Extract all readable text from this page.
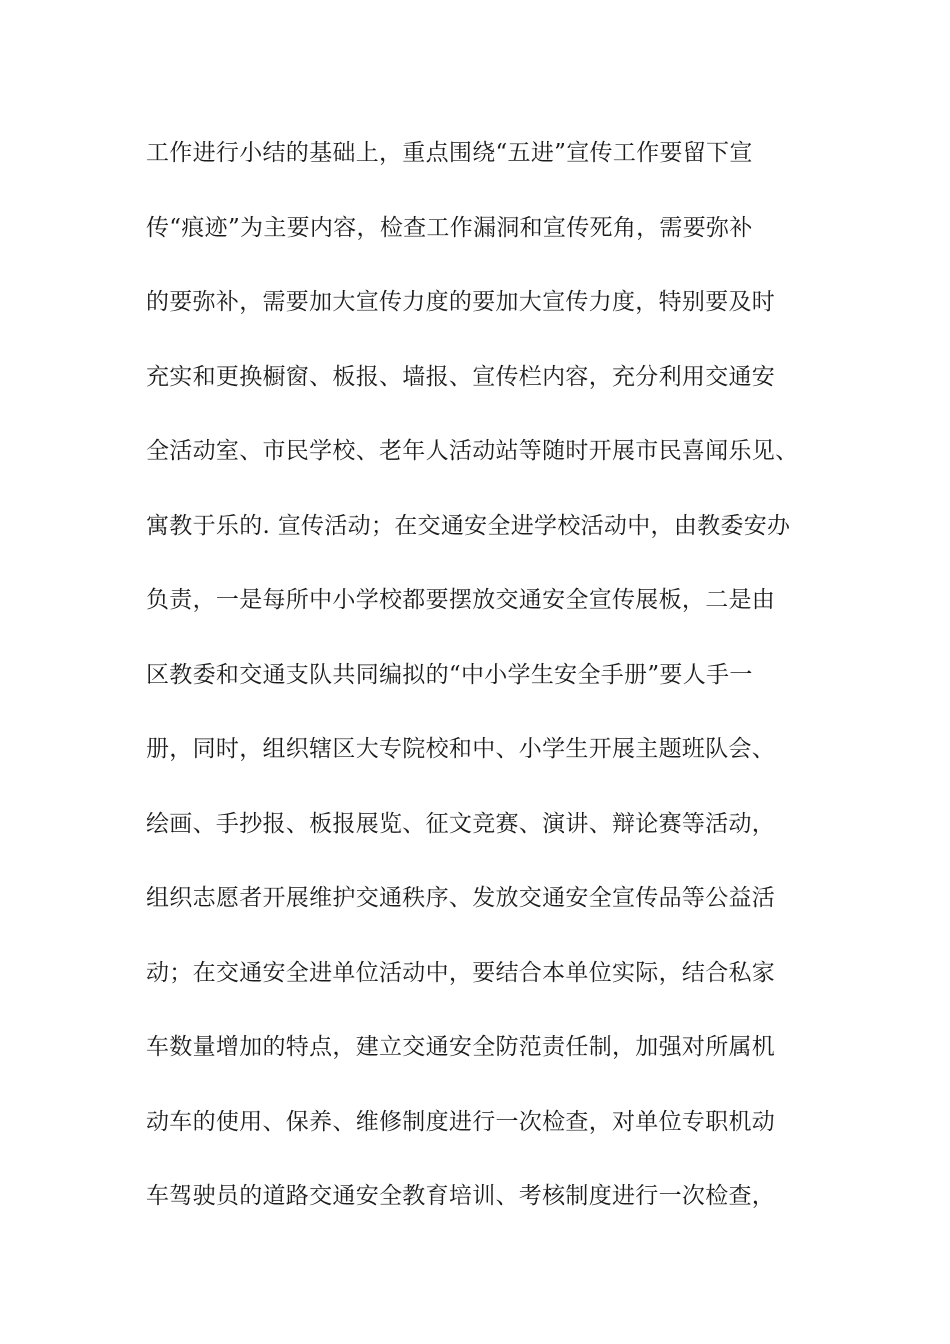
工作进行小结的基础上，重点围绕“五进”宣传工作要留下宣
传“痕迹”为主要内容，检查工作漏洞和宣传死角，需要弥补
的要弥补，需要加大宣传力度的要加大宣传力度，特别要及时
充实和更换橱窗、板报、墙报、宣传栏内容，充分利用交通安
全活动室、市民学校、老年人活动站等随时开展市民喜闻乐见、
寓教于乐的. 宣传活动；在交通安全进学校活动中，由教委安办
负责，一是每所中小学校都要摆放交通安全宣传展板，二是由
区教委和交通支队共同编拟的“中小学生安全手册”要人手一
册，同时，组织辖区大专院校和中、小学生开展主题班队会、
绘画、手抄报、板报展览、征文竞赛、演讲、辩论赛等活动，
组织志愿者开展维护交通秩序、发放交通安全宣传品等公益活
动；在交通安全进单位活动中，要结合本单位实际，结合私家
车数量增加的特点，建立交通安全防范责任制，加强对所属机
动车的使用、保养、维修制度进行一次检查，对单位专职机动
车驾驶员的道路交通安全教育培训、考核制度进行一次检查，
